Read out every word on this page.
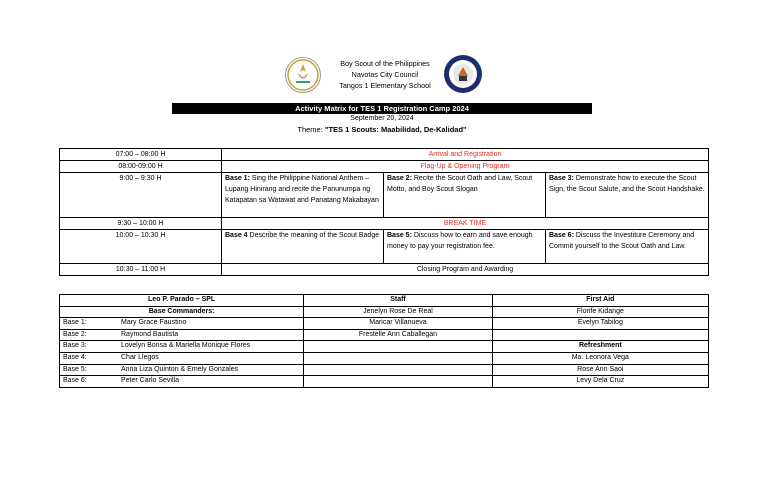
Boy Scout of the Philippines
Navotas City Council
Tangos 1 Elementary School
Activity Matrix for TES 1 Registration Camp 2024
September 20, 2024
Theme: "TES 1 Scouts: Maabilidad, De-Kalidad"
07:00 – 08:00 H	Arrival and Registration		
08:00-09:00 H	Flag-Up & Opening Program		
9:00 – 9:30 H	Base 1: Sing the Philippine National Anthem – Lupang Hinirang and recite the Panunumpa ng Katapatan sa Watawat and Panatang Makabayan	Base 2: Recite the Scout Oath and Law, Scout Motto, and Boy Scout Slogan	Base 3: Demonstrate how to execute the Scout Sign, the Scout Salute, and the Scout Handshake.
9:30 – 10:00 H	BREAK TIME		
10:00 – 10:30 H	Base 4 Describe the meaning of the Scout Badge	Base 5: Discuss how to earn and save enough money to pay your registration fee.	Base 6: Discuss the Investiture Ceremony and Commit yourself to the Scout Oath and Law.
10:30 – 11:00 H	Closing Program and Awarding		
Leo P. Parado – SPL	Staff	First Aid
Base Commanders:	Jenelyn Rose De Real	Florife Kidange
Base 1: Mary Grace Faustino	Maricar Villanueva	Evelyn Tabilog
Base 2: Raymond Bautista	Frestelle Ann Caballegan	
Base 3: Lovelyn Bonsa & Mariella Monique Flores		Refreshment
Base 4: Char Llegos		Ma. Leonora Vega
Base 5: Anna Liza Quinton & Emely Gonzales		Rose Ann Saoi
Base 6: Peter Carlo Sevilla		Levy Dela Cruz
